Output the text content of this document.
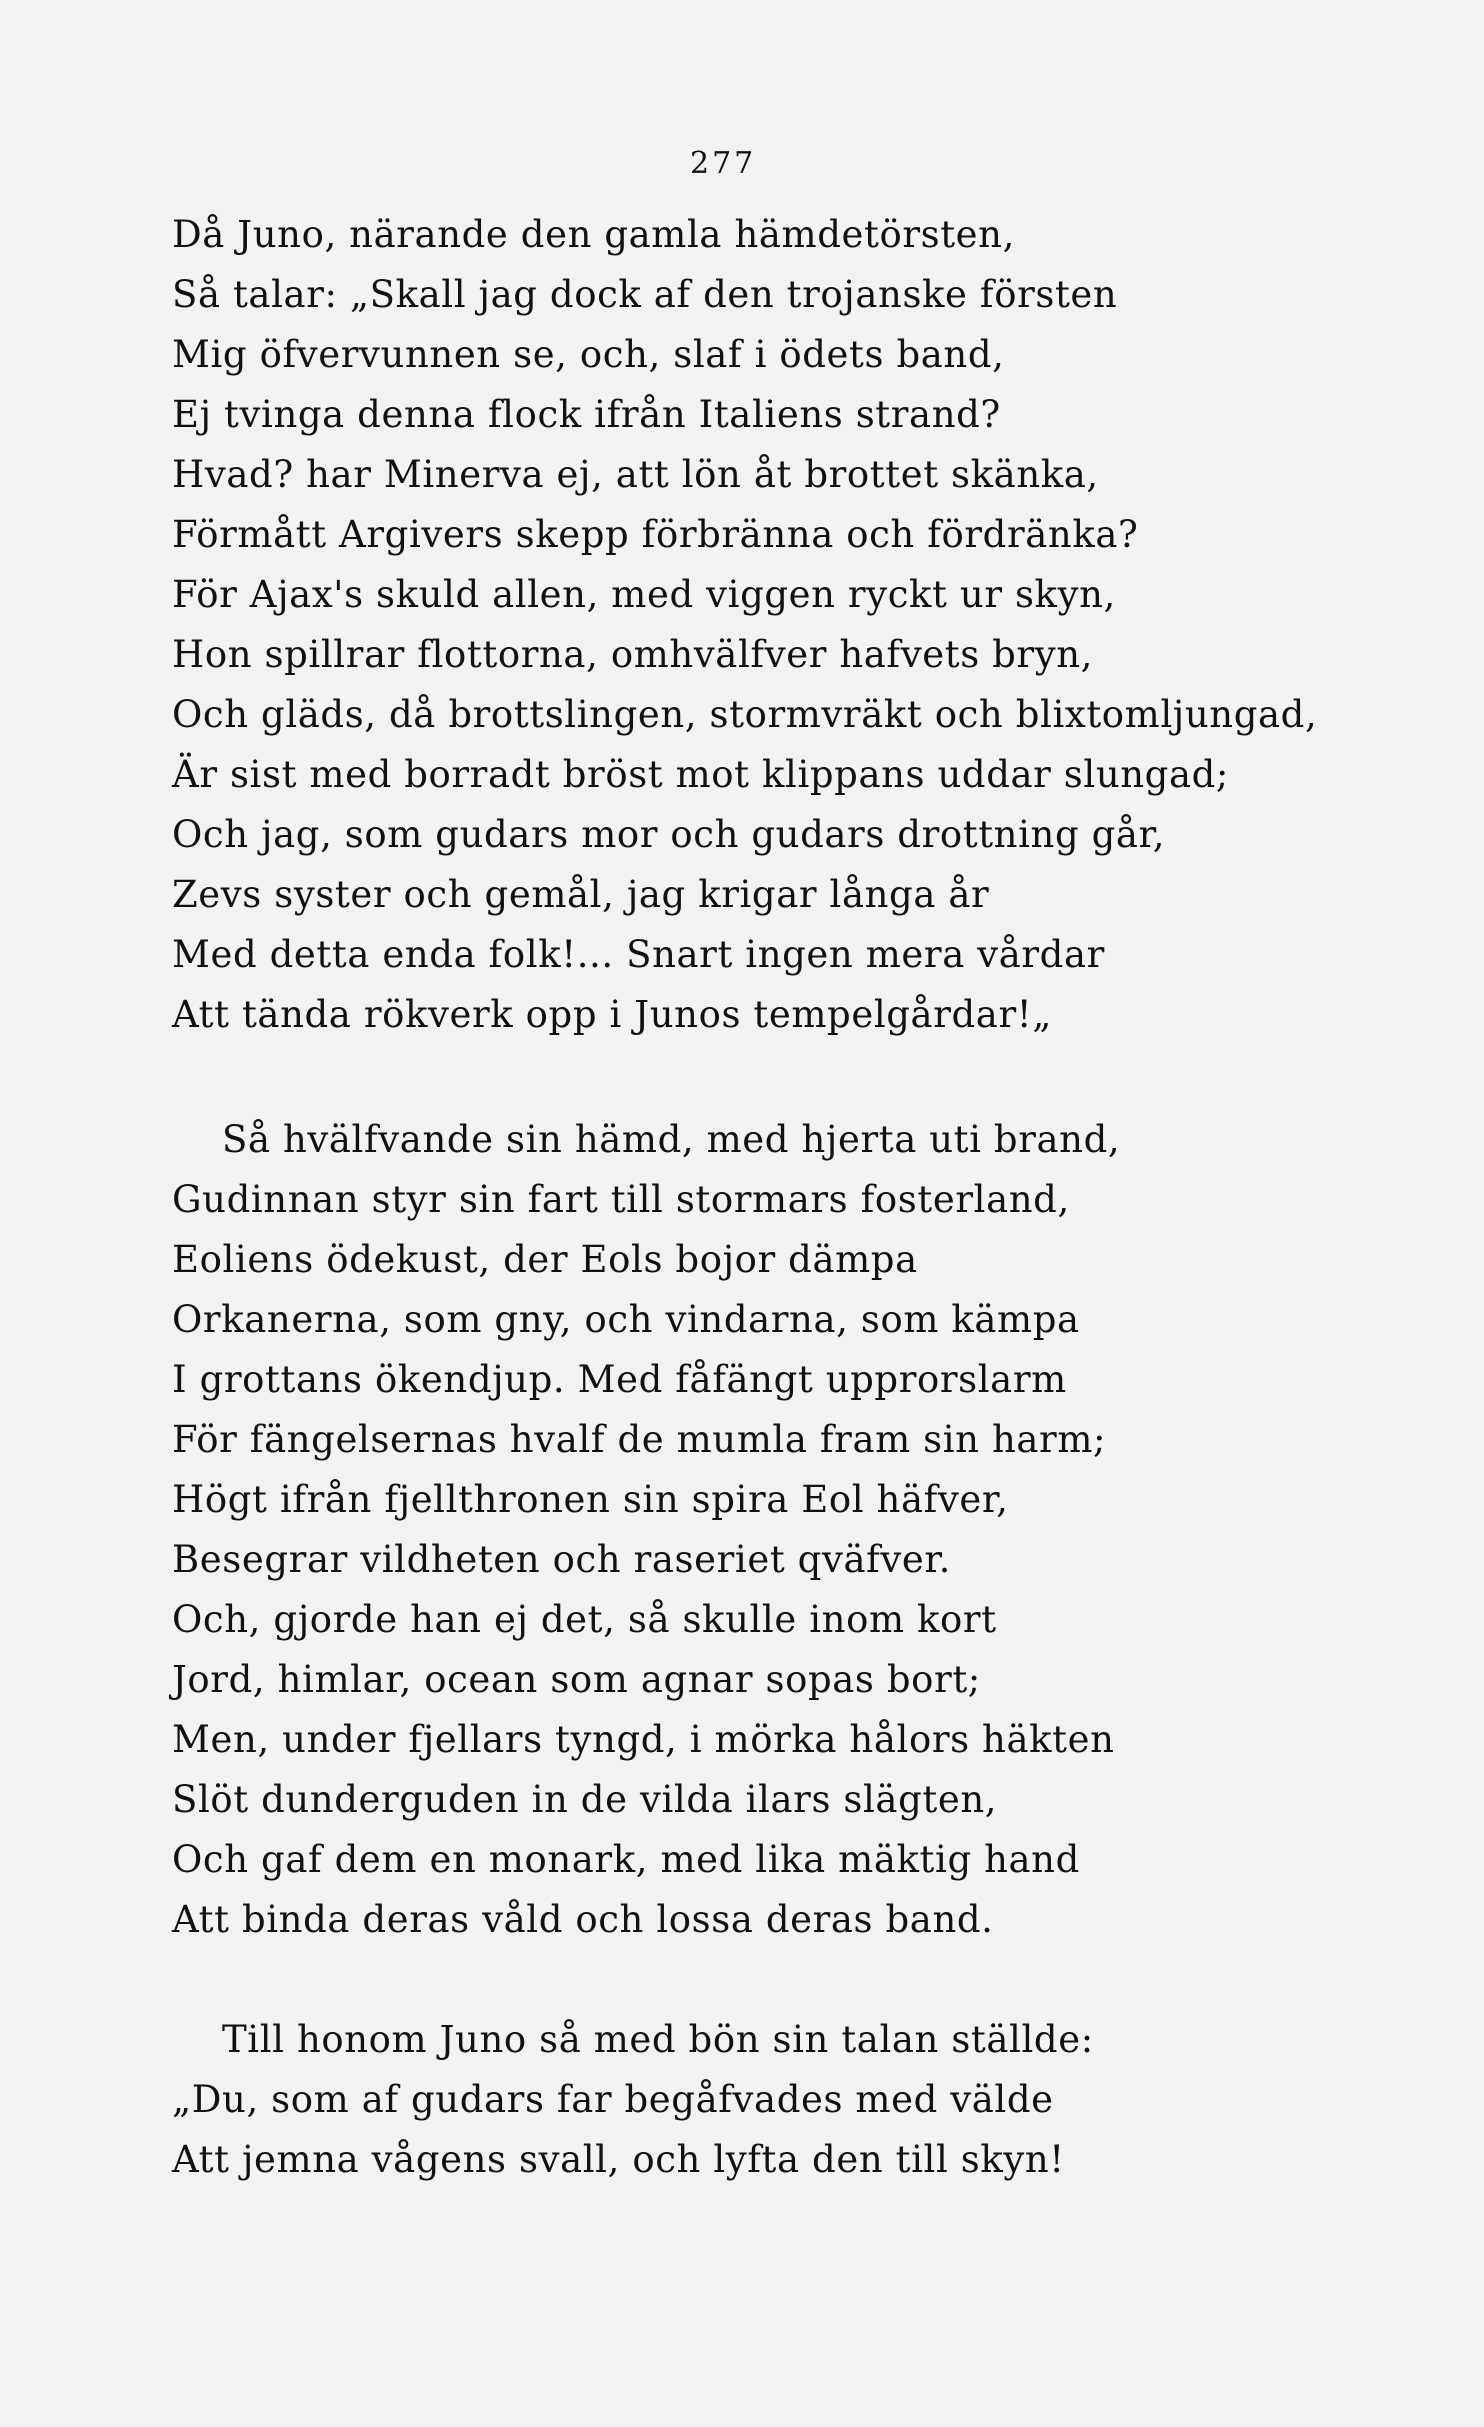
277
Då Juno, närande den gamla hämdetörsten,
Så talar: „Skall jag dock af den trojanske försten
Mig öfvervunnen se, och, slaf i ödets band,
Ej tvinga denna flock ifrån Italiens strand?
Hvad? har Minerva ej, att lön åt brottet skänka,
Förmått Argivers skepp förbränna och fördränka?
För Ajax's skuld allen, med viggen ryckt ur skyn,
Hon spillrar flottorna, omhvälfver hafvets bryn,
Och gläds, då brottslingen, stormvräkt och blixtomljungad,
Är sist med borradt bröst mot klippans uddar slungad;
Och jag, som gudars mor och gudars drottning går,
Zevs syster och gemål, jag krigar långa år
Med detta enda folk!... Snart ingen mera vårdar
Att tända rökverk opp i Junos tempelgårdar!„
Så hvälfvande sin hämd, med hjerta uti brand,
Gudinnan styr sin fart till stormars fosterland,
Eoliens ödekust, der Eols bojor dämpa
Orkanerna, som gny, och vindarna, som kämpa
I grottans ökendjup. Med fåfängt upprorslarm
För fängelsernas hvalf de mumla fram sin harm;
Högt ifrån fjellthronen sin spira Eol häfver,
Besegrar vildheten och raseriet qväfver.
Och, gjorde han ej det, så skulle inom kort
Jord, himlar, ocean som agnar sopas bort;
Men, under fjellars tyngd, i mörka hålors häkten
Slöt dunderguden in de vilda ilars slägten,
Och gaf dem en monark, med lika mäktig hand
Att binda deras våld och lossa deras band.
Till honom Juno så med bön sin talan ställde:
„Du, som af gudars far begåfvades med välde
Att jemna vågens svall, och lyfta den till skyn!
